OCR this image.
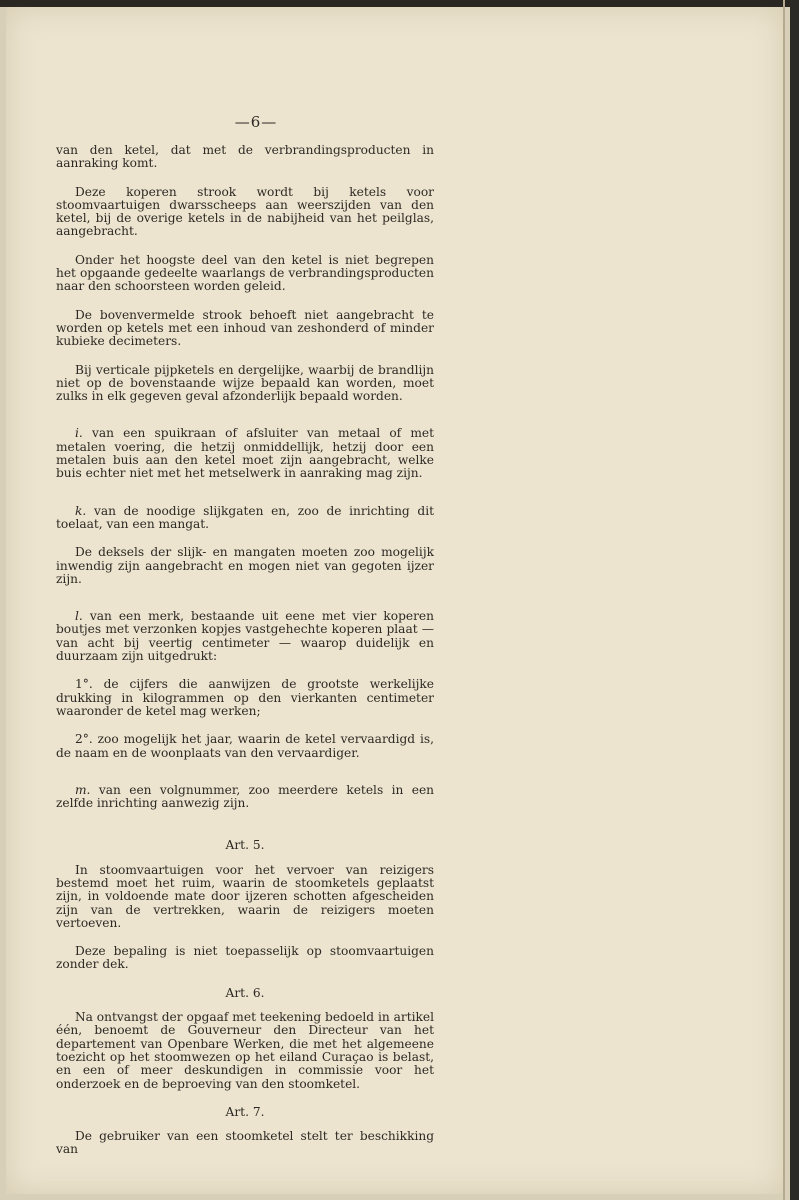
—6—

van den ketel, dat met de verbrandingsproducten in aanraking komt.

Deze koperen strook wordt bij ketels voor stoomvaartuigen dwarsscheeps aan weerszijden van den ketel, bij de overige ketels in de nabijheid van het peilglas, aangebracht.

Onder het hoogste deel van den ketel is niet begrepen het opgaande gedeelte waarlangs de verbrandingsproducten naar den schoorsteen worden geleid.

De bovenvermelde strook behoeft niet aangebracht te worden op ketels met een inhoud van zeshonderd of minder kubieke decimeters.

Bij verticale pijpketels en dergelijke, waarbij de brandlijn niet op de bovenstaande wijze bepaald kan worden, moet zulks in elk gegeven geval afzonderlijk bepaald worden.

i. van een spuikraan of afsluiter van metaal of met metalen voering, die hetzij onmiddellijk, hetzij door een metalen buis aan den ketel moet zijn aangebracht, welke buis echter niet met het metselwerk in aanraking mag zijn.

k. van de noodige slijkgaten en, zoo de inrichting dit toelaat, van een mangat.

De deksels der slijk- en mangaten moeten zoo mogelijk inwendig zijn aangebracht en mogen niet van gegoten ijzer zijn.

l. van een merk, bestaande uit eene met vier koperen boutjes met verzonken kopjes vastgehechte koperen plaat — van acht bij veertig centimeter — waarop duidelijk en duurzaam zijn uitgedrukt:

1°. de cijfers die aanwijzen de grootste werkelijke drukking in kilogrammen op den vierkanten centimeter waaronder de ketel mag werken;

2°. zoo mogelijk het jaar, waarin de ketel vervaardigd is, de naam en de woonplaats van den vervaardiger.

m. van een volgnummer, zoo meerdere ketels in een zelfde inrichting aanwezig zijn.

Art. 5.

In stoomvaartuigen voor het vervoer van reizigers bestemd moet het ruim, waarin de stoomketels geplaatst zijn, in voldoende mate door ijzeren schotten afgescheiden zijn van de vertrekken, waarin de reizigers moeten vertoeven.

Deze bepaling is niet toepasselijk op stoomvaartuigen zonder dek.

Art. 6.

Na ontvangst der opgaaf met teekening bedoeld in artikel één, benoemt de Gouverneur den Directeur van het departement van Openbare Werken, die met het algemeene toezicht op het stoomwezen op het eiland Curaçao is belast, en een of meer deskundigen in commissie voor het onderzoek en de beproeving van den stoomketel.

Art. 7.

De gebruiker van een stoomketel stelt ter beschikking van
